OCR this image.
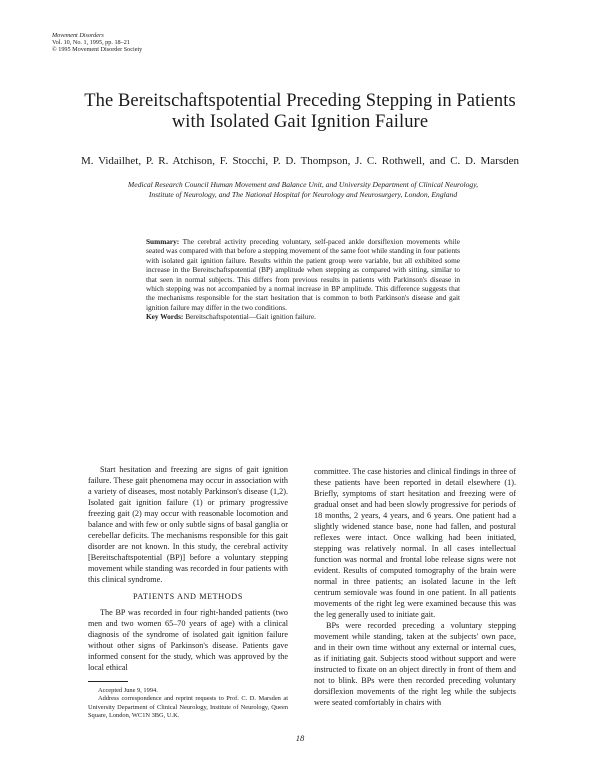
Movement Disorders
Vol. 10, No. 1, 1995, pp. 18–21
© 1995 Movement Disorder Society
The Bereitschaftspotential Preceding Stepping in Patients
with Isolated Gait Ignition Failure
M. Vidailhet, P. R. Atchison, F. Stocchi, P. D. Thompson, J. C. Rothwell, and C. D. Marsden
Medical Research Council Human Movement and Balance Unit, and University Department of Clinical Neurology,
Institute of Neurology, and The National Hospital for Neurology and Neurosurgery, London, England
Summary: The cerebral activity preceding voluntary, self-paced ankle dorsiflexion movements while seated was compared with that before a stepping movement of the same foot while standing in four patients with isolated gait ignition failure. Results within the patient group were variable, but all exhibited some increase in the Bereitschaftspotential (BP) amplitude when stepping as compared with sitting, similar to that seen in normal subjects. This differs from previous results in patients with Parkinson's disease in which stepping was not accompanied by a normal increase in BP amplitude. This difference suggests that the mechanisms responsible for the start hesitation that is common to both Parkinson's disease and gait ignition failure may differ in the two conditions.
Key Words: Bereitschaftspotential—Gait ignition failure.

Start hesitation and freezing are signs of gait ignition failure. These gait phenomena may occur in association with a variety of diseases, most notably Parkinson's disease (1,2). Isolated gait ignition failure (1) or primary progressive freezing gait (2) may occur with reasonable locomotion and balance and with few or only subtle signs of basal ganglia or cerebellar deficits. The mechanisms responsible for this gait disorder are not known. In this study, the cerebral activity [Bereitschaftspotential (BP)] before a voluntary stepping movement while standing was recorded in four patients with this clinical syndrome.

PATIENTS AND METHODS

The BP was recorded in four right-handed patients (two men and two women 65–70 years of age) with a clinical diagnosis of the syndrome of isolated gait ignition failure without other signs of Parkinson's disease. Patients gave informed consent for the study, which was approved by the local ethical

committee. The case histories and clinical findings in three of these patients have been reported in detail elsewhere (1). Briefly, symptoms of start hesitation and freezing were of gradual onset and had been slowly progressive for periods of 18 months, 2 years, 4 years, and 6 years. One patient had a slightly widened stance base, none had fallen, and postural reflexes were intact. Once walking had been initiated, stepping was relatively normal. In all cases intellectual function was normal and frontal lobe release signs were not evident. Results of computed tomography of the brain were normal in three patients; an isolated lacune in the left centrum semiovale was found in one patient. In all patients movements of the right leg were examined because this was the leg generally used to initiate gait.

BPs were recorded preceding a voluntary stepping movement while standing, taken at the subjects' own pace, and in their own time without any external or internal cues, as if initiating gait. Subjects stood without support and were instructed to fixate on an object directly in front of them and not to blink. BPs were then recorded preceding voluntary dorsiflexion movements of the right leg while the subjects were seated comfortably in chairs with

Accepted June 9, 1994.

Address correspondence and reprint requests to Prof. C. D. Marsden at University Department of Clinical Neurology, Institute of Neurology, Queen Square, London, WC1N 3BG, U.K.

18
